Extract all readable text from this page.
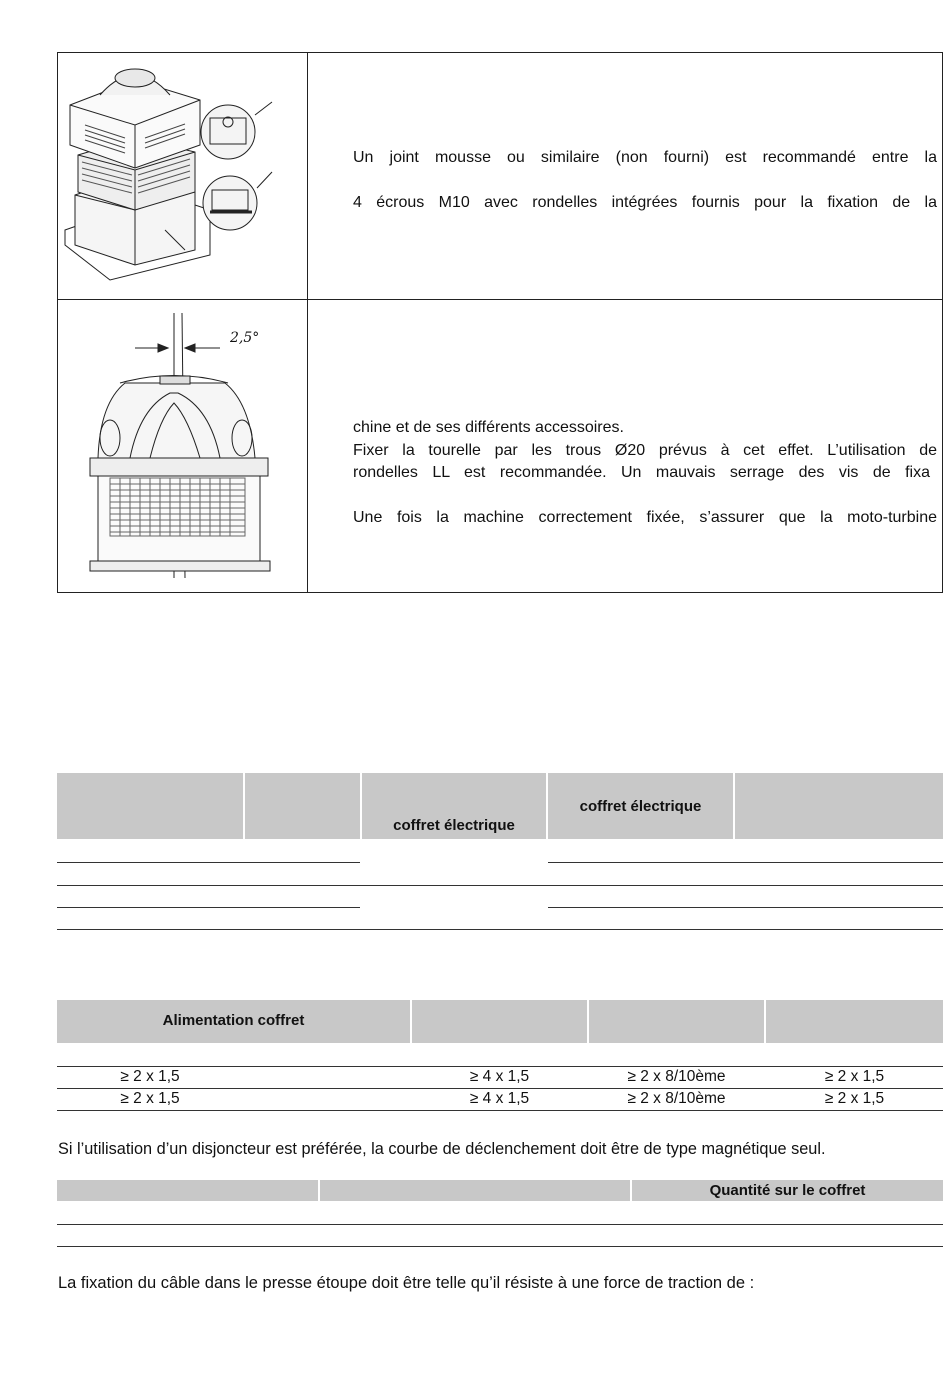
Un joint mousse ou similaire (non fourni) est recommandé entre la
4 écrous M10 avec rondelles intégrées fournis pour la fixation de la
2,5°
chine et de ses différents accessoires.
Fixer la tourelle par les trous Ø20 prévus à cet effet. L’utilisation de
rondelles LL est recommandée. Un mauvais serrage des vis de fixa
Une fois la machine correctement fixée, s’assurer que la moto-turbine
coffret électrique
coffret électrique
Alimentation coffret
≥ 2 x 1,5	≥ 4 x 1,5	≥ 2 x 8/10ème	≥ 2 x 1,5
≥ 2 x 1,5	≥ 4 x 1,5	≥ 2 x 8/10ème	≥ 2 x 1,5
Si l’utilisation d’un disjoncteur est préférée, la courbe de déclenchement doit être de type magnétique seul.
Quantité sur le coffret
La fixation du câble dans le presse étoupe doit être telle qu’il résiste à une force de traction de :
